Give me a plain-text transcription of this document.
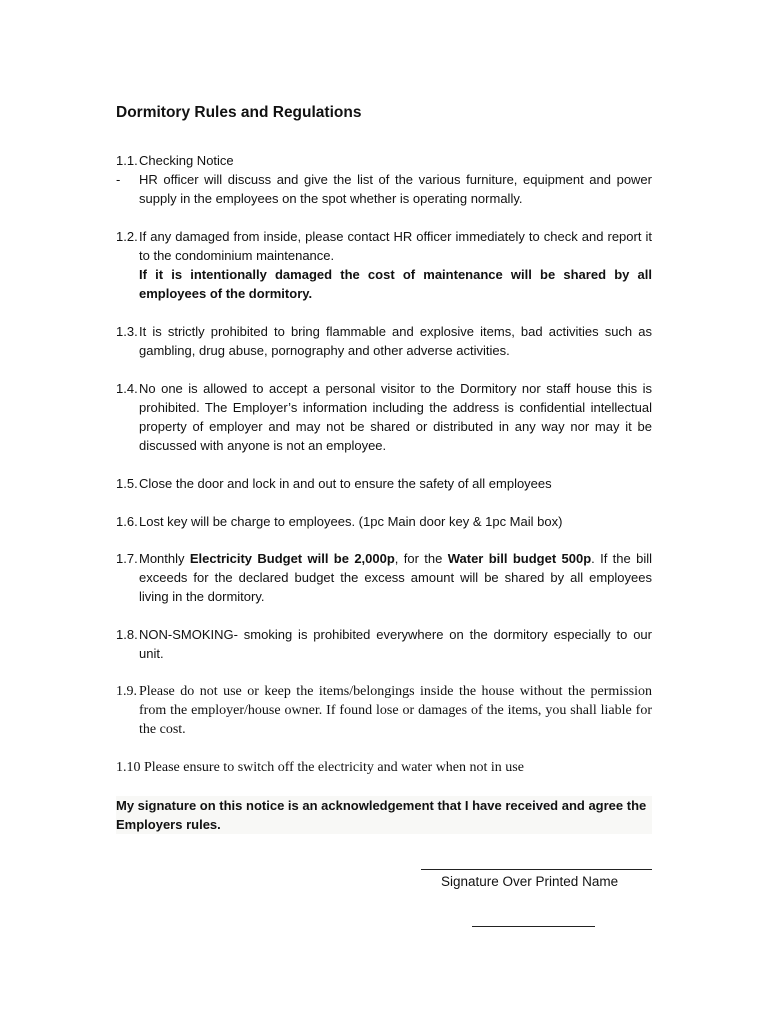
Dormitory Rules and Regulations
1.1. Checking Notice
-	HR officer will discuss and give the list of the various furniture, equipment and power supply in the employees on the spot whether is operating normally.
1.2. If any damaged from inside, please contact HR officer immediately to check and report it to the condominium maintenance.
If it is intentionally damaged the cost of maintenance will be shared by all employees of the dormitory.
1.3. It is strictly prohibited to bring flammable and explosive items, bad activities such as gambling, drug abuse, pornography and other adverse activities.
1.4. No one is allowed to accept a personal visitor to the Dormitory nor staff house this is prohibited. The Employer’s information including the address is confidential intellectual property of employer and may not be shared or distributed in any way nor may it be discussed with anyone is not an employee.
1.5. Close the door and lock in and out to ensure the safety of all employees
1.6. Lost key will be charge to employees. (1pc Main door key & 1pc Mail box)
1.7. Monthly Electricity Budget will be 2,000p, for the Water bill budget 500p. If the bill exceeds for the declared budget the excess amount will be shared by all employees living in the dormitory.
1.8. NON-SMOKING- smoking is prohibited everywhere on the dormitory especially to our unit.
1.9. Please do not use or keep the items/belongings inside the house without the permission from the employer/house owner. If found lose or damages of the items, you shall liable for the cost.
1.10 Please ensure to switch off the electricity and water when not in use
My signature on this notice is an acknowledgement that I have received and agree the Employers rules.
Signature Over Printed Name
